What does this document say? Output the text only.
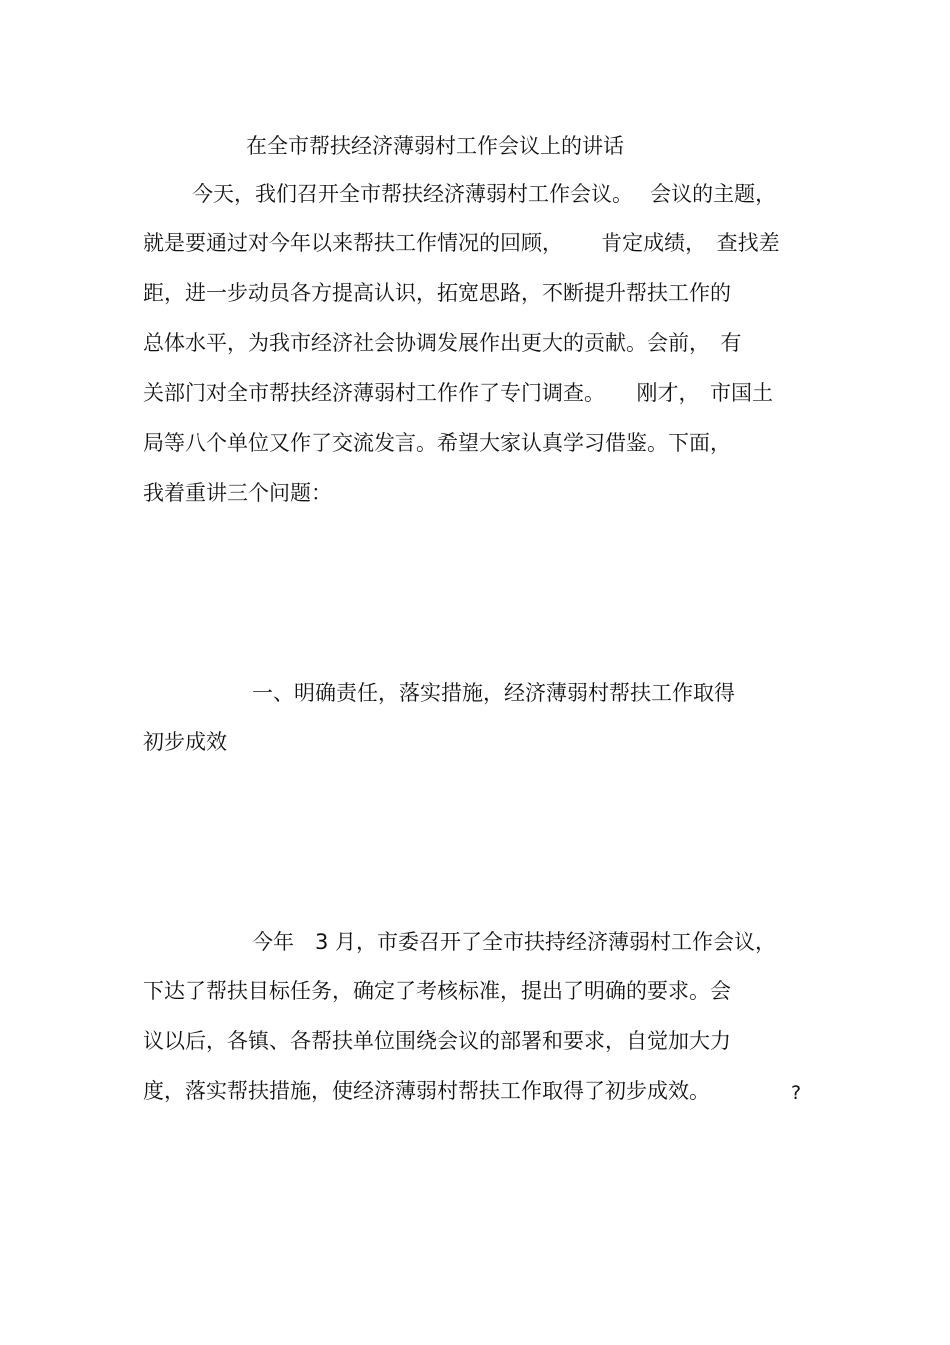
在全市帮扶经济薄弱村工作会议上的讲话

今天，我们召开全市帮扶经济薄弱村工作会议。　 会议的主题，

就是要通过对今年以来帮扶工作情况的回顾，　　 肯定成绩，　查找差

距，进一步动员各方提高认识，拓宽思路，不断提升帮扶工作的

总体水平，为我市经济社会协调发展作出更大的贡献。会前，　有

关部门对全市帮扶经济薄弱村工作作了专门调查。　　刚才，　市国土

局等八个单位又作了交流发言。希望大家认真学习借鉴。下面，

我着重讲三个问题：

一、明确责任，落实措施，经济薄弱村帮扶工作取得

初步成效

今年　3 月，市委召开了全市扶持经济薄弱村工作会议，

下达了帮扶目标任务，确定了考核标准，提出了明确的要求。会

议以后，各镇、各帮扶单位围绕会议的部署和要求，自觉加大力

度，落实帮扶措施，使经济薄弱村帮扶工作取得了初步成效。	?
